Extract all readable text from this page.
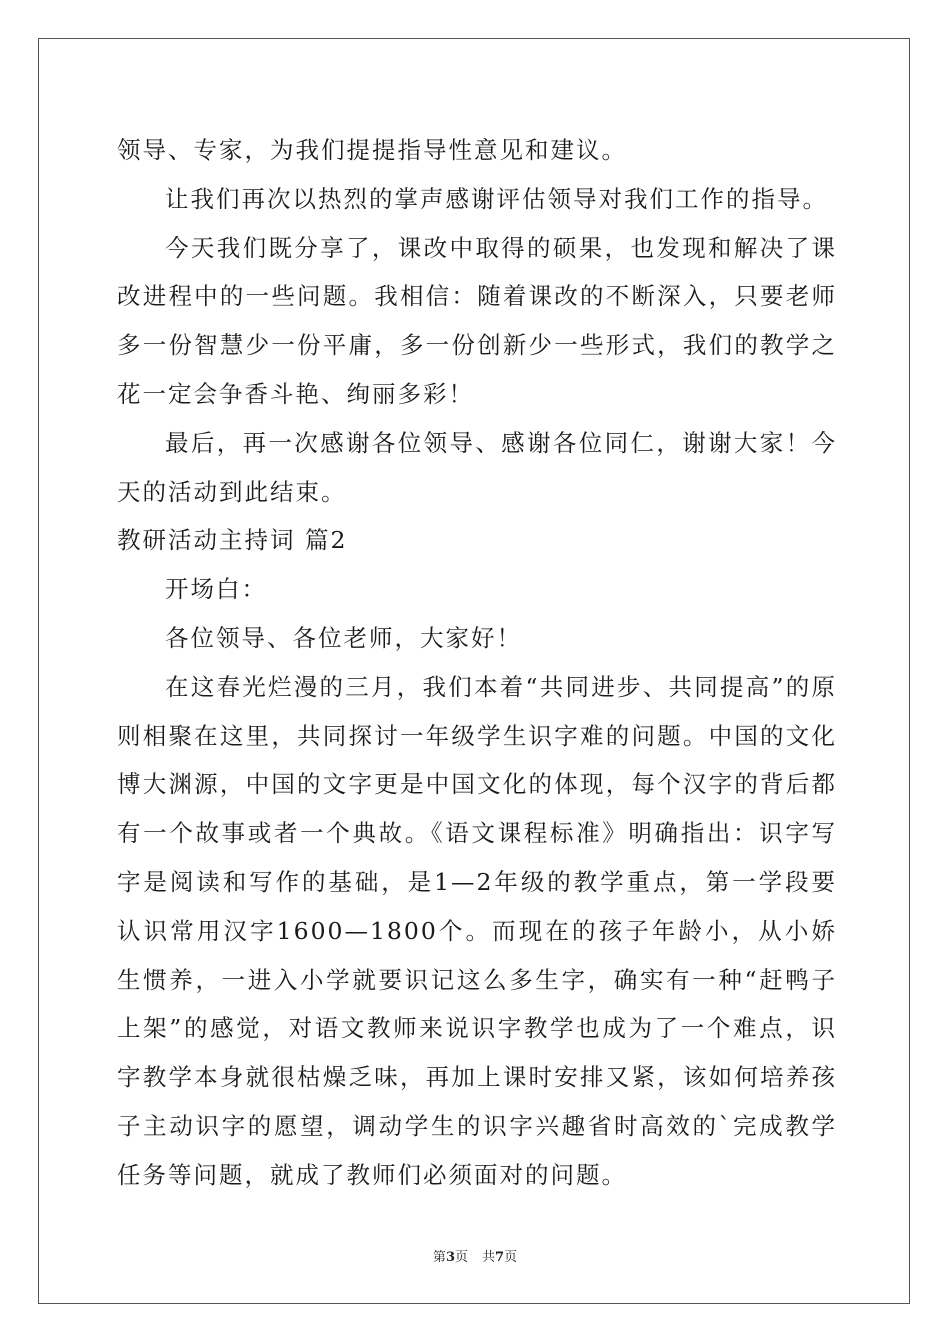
领导、专家，为我们提提指导性意见和建议。

让我们再次以热烈的掌声感谢评估领导对我们工作的指导。

今天我们既分享了，课改中取得的硕果，也发现和解决了课改进程中的一些问题。我相信：随着课改的不断深入，只要老师多一份智慧少一份平庸，多一份创新少一些形式，我们的教学之花一定会争香斗艳、绚丽多彩！

最后，再一次感谢各位领导、感谢各位同仁，谢谢大家！今天的活动到此结束。

教研活动主持词 篇2

开场白：

各位领导、各位老师，大家好！

在这春光烂漫的三月，我们本着“共同进步、共同提高”的原则相聚在这里，共同探讨一年级学生识字难的问题。中国的文化博大渊源，中国的文字更是中国文化的体现，每个汉字的背后都有一个故事或者一个典故。《语文课程标准》明确指出：识字写字是阅读和写作的基础，是1—2年级的教学重点，第一学段要认识常用汉字1600—1800个。而现在的孩子年龄小，从小娇生惯养，一进入小学就要识记这么多生字，确实有一种“赶鸭子上架”的感觉，对语文教师来说识字教学也成为了一个难点，识字教学本身就很枯燥乏味，再加上课时安排又紧，该如何培养孩子主动识字的愿望，调动学生的识字兴趣省时高效的`完成教学任务等问题，就成了教师们必须面对的问题。

第3页 共7页
